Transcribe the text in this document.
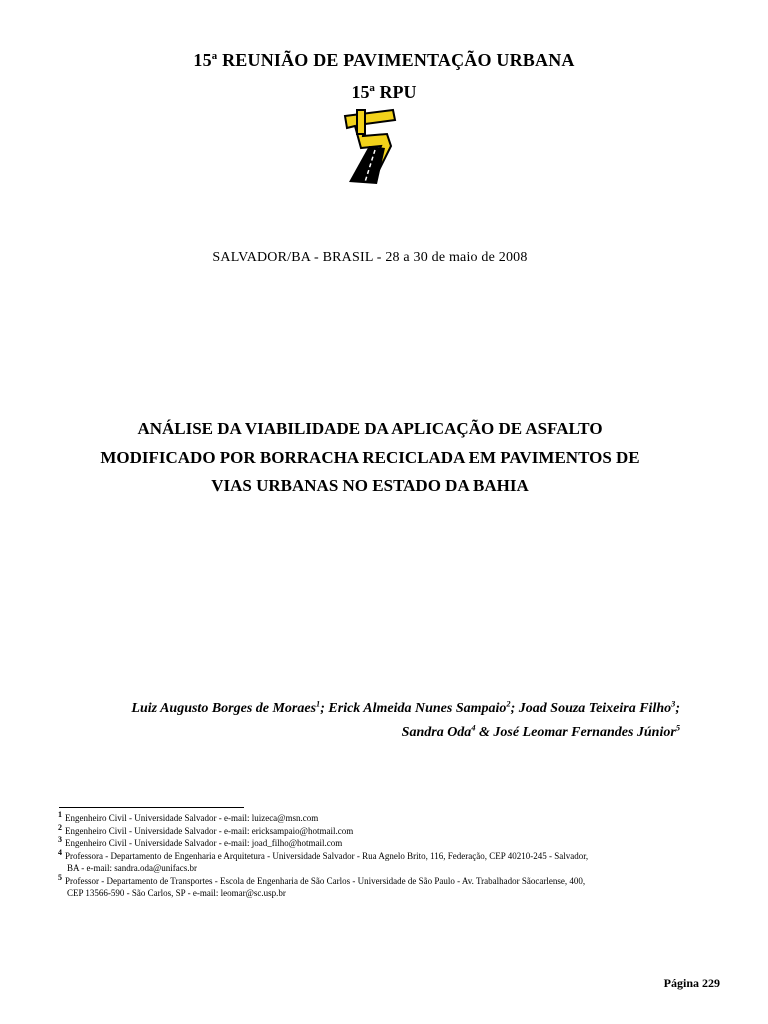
15$^a$ REUNIÃO DE PAVIMENTAÇÃO URBANA
15ª RPU
SALVADOR/BA - BRASIL - 28 a 30 de maio de 2008
ANÁLISE DA VIABILIDADE DA APLICAÇÃO DE ASFALTO
MODIFICADO POR BORRACHA RECICLADA EM PAVIMENTOS DE
VIAS URBANAS NO ESTADO DA BAHIA
Luiz Augusto Borges de Moraes$^1$; Erick Almeida Nunes Sampaio$^2$; Joad Souza Teixeira Filho$^3$;
Sandra Oda$^4$ & José Leomar Fernandes Júnior$^5$
1 Engenheiro Civil - Universidade Salvador - e-mail: luizeca@msn.com
2 Engenheiro Civil - Universidade Salvador - e-mail: ericksampaio@hotmail.com
3 Engenheiro Civil - Universidade Salvador - e-mail: joad_filho@hotmail.com
4 Professora - Departamento de Engenharia e Arquitetura - Universidade Salvador - Rua Agnelo Brito, 116, Federação, CEP 40210-245 - Salvador,
BA - e-mail: sandra.oda@unifacs.br
5 Professor - Departamento de Transportes - Escola de Engenharia de São Carlos - Universidade de São Paulo - Av. Trabalhador Sãocarlense, 400,
CEP 13566-590 - São Carlos, SP - e-mail: leomar@sc.usp.br
Página 229
